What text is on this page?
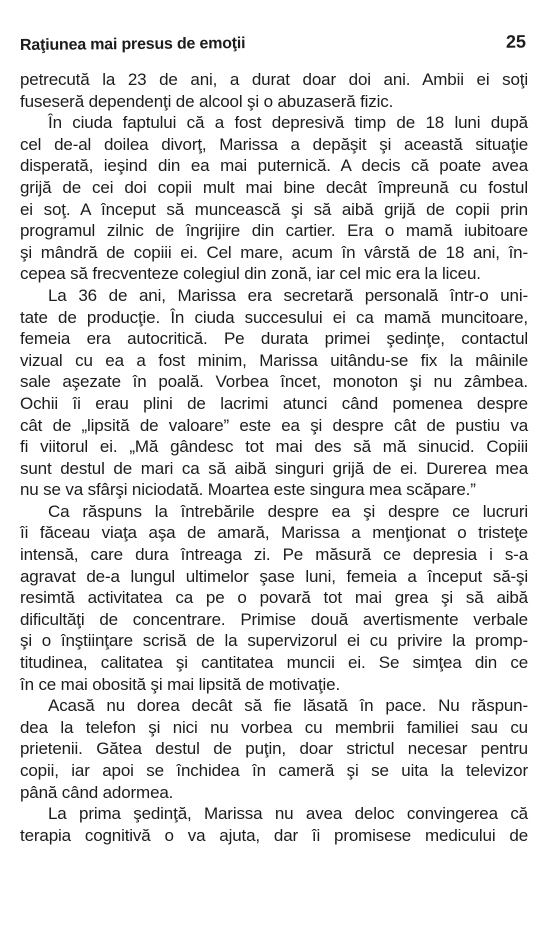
Raţiunea mai presus de emoţii	25
petrecută la 23 de ani, a durat doar doi ani. Ambii ei soţi
fuseseră dependenţi de alcool şi o abuzaseră fizic.
În ciuda faptului că a fost depresivă timp de 18 luni după
cel de-al doilea divorţ, Marissa a depăşit şi această situaţie
disperată, ieşind din ea mai puternică. A decis că poate avea
grijă de cei doi copii mult mai bine decât împreună cu fostul
ei soţ. A început să muncească şi să aibă grijă de copii prin
programul zilnic de îngrijire din cartier. Era o mamă iubitoare
şi mândră de copiii ei. Cel mare, acum în vârstă de 18 ani, în-
cepea să frecventeze colegiul din zonă, iar cel mic era la liceu.
La 36 de ani, Marissa era secretară personală într-o uni-
tate de producţie. În ciuda succesului ei ca mamă muncitoare,
femeia era autocritică. Pe durata primei şedinţe, contactul
vizual cu ea a fost minim, Marissa uitându-se fix la mâinile
sale aşezate în poală. Vorbea încet, monoton şi nu zâmbea.
Ochii îi erau plini de lacrimi atunci când pomenea despre
cât de „lipsită de valoare” este ea şi despre cât de pustiu va
fi viitorul ei. „Mă gândesc tot mai des să mă sinucid. Copiii
sunt destul de mari ca să aibă singuri grijă de ei. Durerea mea
nu se va sfârşi niciodată. Moartea este singura mea scăpare.”
Ca răspuns la întrebările despre ea şi despre ce lucruri
îi făceau viaţa aşa de amară, Marissa a menţionat o tristeţe
intensă, care dura întreaga zi. Pe măsură ce depresia i s-a
agravat de-a lungul ultimelor şase luni, femeia a început să-şi
resimtă activitatea ca pe o povară tot mai grea şi să aibă
dificultăţi de concentrare. Primise două avertismente verbale
şi o înştiinţare scrisă de la supervizorul ei cu privire la promp-
titudinea, calitatea şi cantitatea muncii ei. Se simţea din ce
în ce mai obosită şi mai lipsită de motivaţie.
Acasă nu dorea decât să fie lăsată în pace. Nu răspun-
dea la telefon şi nici nu vorbea cu membrii familiei sau cu
prietenii. Gătea destul de puţin, doar strictul necesar pentru
copii, iar apoi se închidea în cameră şi se uita la televizor
până când adormea.
La prima şedinţă, Marissa nu avea deloc convingerea că
terapia cognitivă o va ajuta, dar îi promisese medicului de
